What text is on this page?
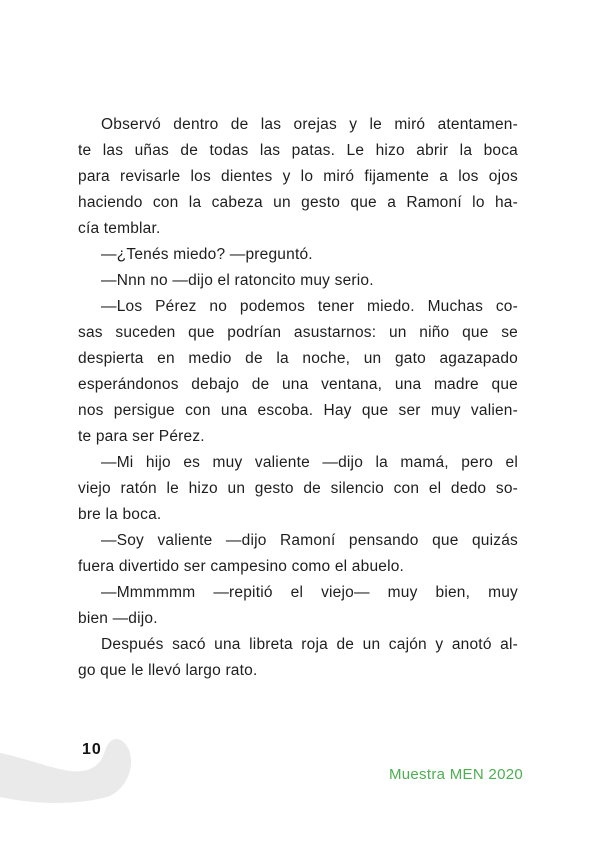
Observó dentro de las orejas y le miró atentamen-
te las uñas de todas las patas. Le hizo abrir la boca
para revisarle los dientes y lo miró fijamente a los ojos
haciendo con la cabeza un gesto que a Ramoní lo ha-
cía temblar.

—¿Tenés miedo? —preguntó.

—Nnn no —dijo el ratoncito muy serio.

—Los Pérez no podemos tener miedo. Muchas co-
sas suceden que podrían asustarnos: un niño que se
despierta en medio de la noche, un gato agazapado
esperándonos debajo de una ventana, una madre que
nos persigue con una escoba. Hay que ser muy valien-
te para ser Pérez.

—Mi hijo es muy valiente —dijo la mamá, pero el
viejo ratón le hizo un gesto de silencio con el dedo so-
bre la boca.

—Soy valiente —dijo Ramoní pensando que quizás
fuera divertido ser campesino como el abuelo.

—Mmmmmm —repitió el viejo— muy bien, muy
bien —dijo.

Después sacó una libreta roja de un cajón y anotó al-
go que le llevó largo rato.

10
Muestra MEN 2020
